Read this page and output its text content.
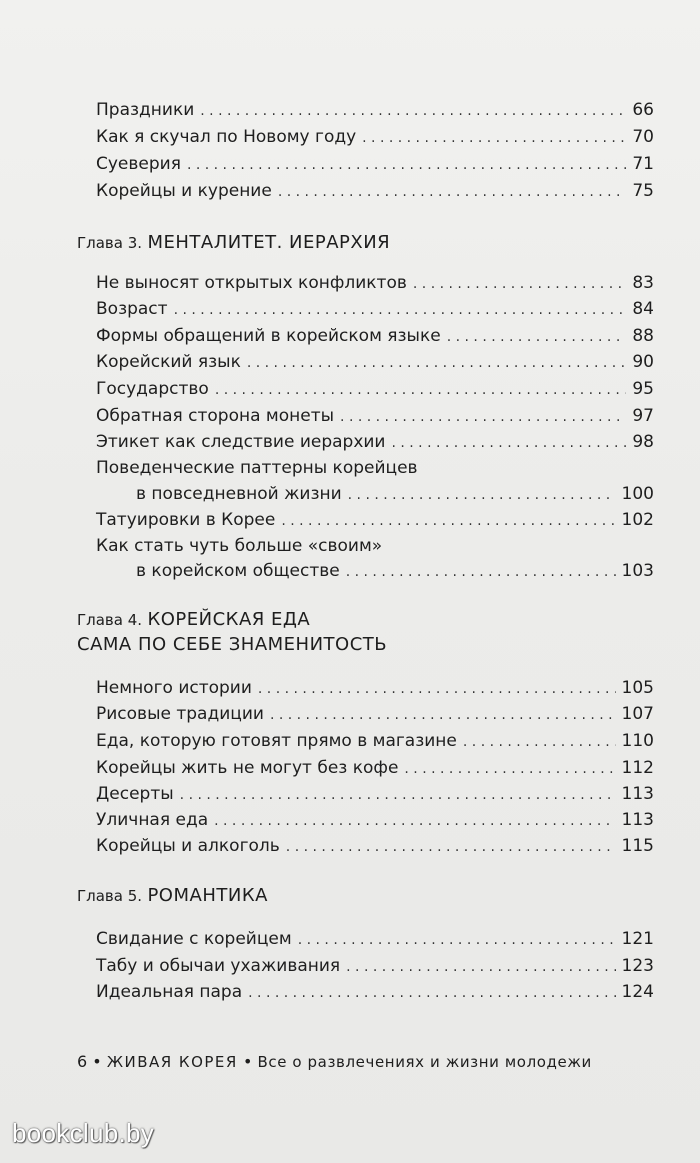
Праздники . . .	66
Как я скучал по Новому году . . .	70
Суеверия . . .	71
Корейцы и курение . . .	75
Глава 3. МЕНТАЛИТЕТ. ИЕРАРХИЯ
Не выносят открытых конфликтов . . .	83
Возраст . . .	84
Формы обращений в корейском языке . . .	88
Корейский язык . . .	90
Государство . . .	95
Обратная сторона монеты . . .	97
Этикет как следствие иерархии . . .	98
Поведенческие паттерны корейцев
в повседневной жизни . . .	100
Татуировки в Корее . . .	102
Как стать чуть больше «своим»
в корейском обществе . . .	103
Глава 4. КОРЕЙСКАЯ ЕДА
САМА ПО СЕБЕ ЗНАМЕНИТОСТЬ
Немного истории . . .	105
Рисовые традиции . . .	107
Еда, которую готовят прямо в магазине . . .	110
Корейцы жить не могут без кофе . . .	112
Десерты . . .	113
Уличная еда . . .	113
Корейцы и алкоголь . . .	115
Глава 5. РОМАНТИКА
Свидание с корейцем . . .	121
Табу и обычаи ухаживания . . .	123
Идеальная пара . . .	124
6 • ЖИВАЯ КОРЕЯ • Все о развлечениях и жизни молодежи
bookclub.by
